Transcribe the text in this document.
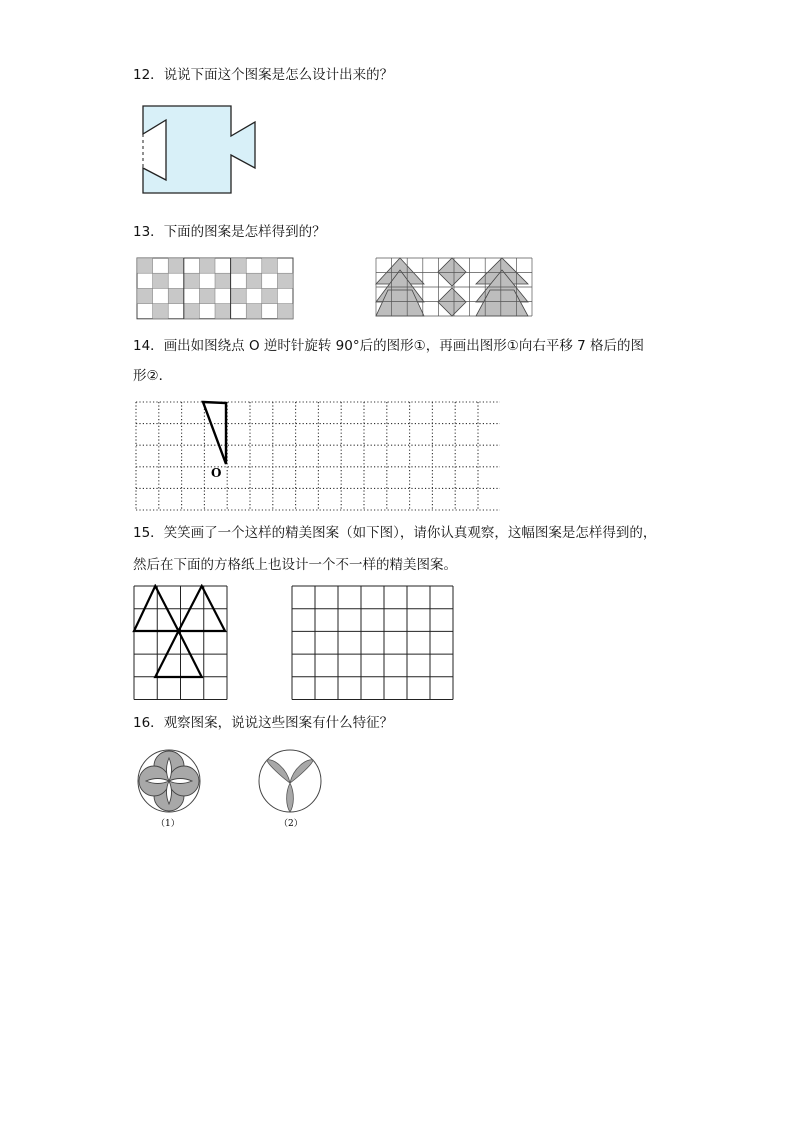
12．说说下面这个图案是怎么设计出来的？
13．下面的图案是怎样得到的？
14．画出如图绕点 O 逆时针旋转 90°后的图形①，再画出图形①向右平移 7 格后的图
形②．
O
15．笑笑画了一个这样的精美图案（如下图），请你认真观察，这幅图案是怎样得到的，
然后在下面的方格纸上也设计一个不一样的精美图案。
16．观察图案，说说这些图案有什么特征？
（1）	（2）
